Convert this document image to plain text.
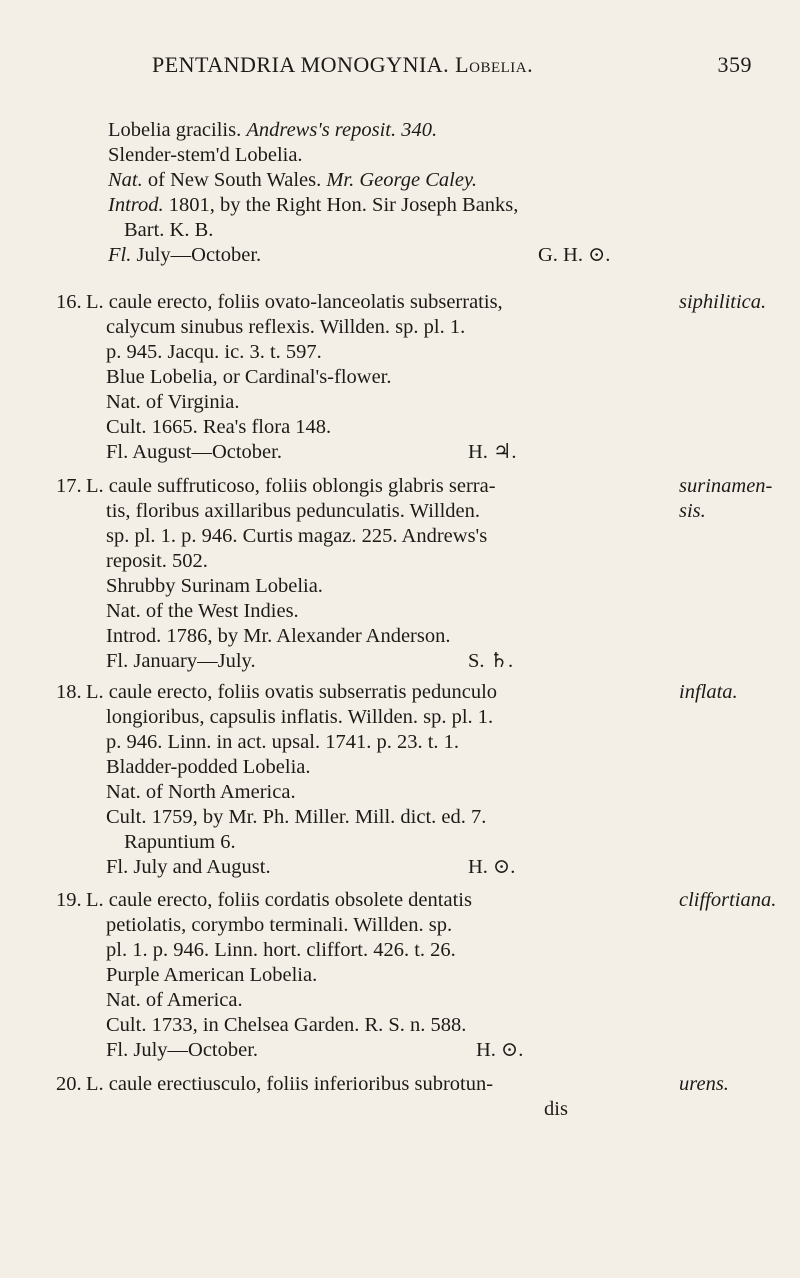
PENTANDRIA MONOGYNIA. Lobelia.	359
Lobelia gracilis. Andrews's reposit. 340.
Slender-stem'd Lobelia.
Nat. of New South Wales. Mr. George Caley.
Introd. 1801, by the Right Hon. Sir Joseph Banks,
Bart. K. B.
Fl. July—October.	G. H. ⊙.
16. L. caule erecto, foliis ovato-lanceolatis subserratis,	siphilitica.
calycum sinubus reflexis. Willden. sp. pl. 1.
p. 945. Jacqu. ic. 3. t. 597.
Blue Lobelia, or Cardinal's-flower.
Nat. of Virginia.
Cult. 1665. Rea's flora 148.
Fl. August—October.	H. ♃.
17. L. caule suffruticoso, foliis oblongis glabris serra-	surinamen-
tis, floribus axillaribus pedunculatis. Willden.	sis.
sp. pl. 1. p. 946. Curtis magaz. 225. Andrews's
reposit. 502.
Shrubby Surinam Lobelia.
Nat. of the West Indies.
Introd. 1786, by Mr. Alexander Anderson.
Fl. January—July.	S. ♄.
18. L. caule erecto, foliis ovatis subserratis pedunculo	inflata.
longioribus, capsulis inflatis. Willden. sp. pl. 1.
p. 946. Linn. in act. upsal. 1741. p. 23. t. 1.
Bladder-podded Lobelia.
Nat. of North America.
Cult. 1759, by Mr. Ph. Miller. Mill. dict. ed. 7.
Rapuntium 6.
Fl. July and August.	H. ⊙.
19. L. caule erecto, foliis cordatis obsolete dentatis	cliffortiana.
petiolatis, corymbo terminali. Willden. sp.
pl. 1. p. 946. Linn. hort. cliffort. 426. t. 26.
Purple American Lobelia.
Nat. of America.
Cult. 1733, in Chelsea Garden. R. S. n. 588.
Fl. July—October.	H. ⊙.
20. L. caule erectiusculo, foliis inferioribus subrotun-	urens.
dis
